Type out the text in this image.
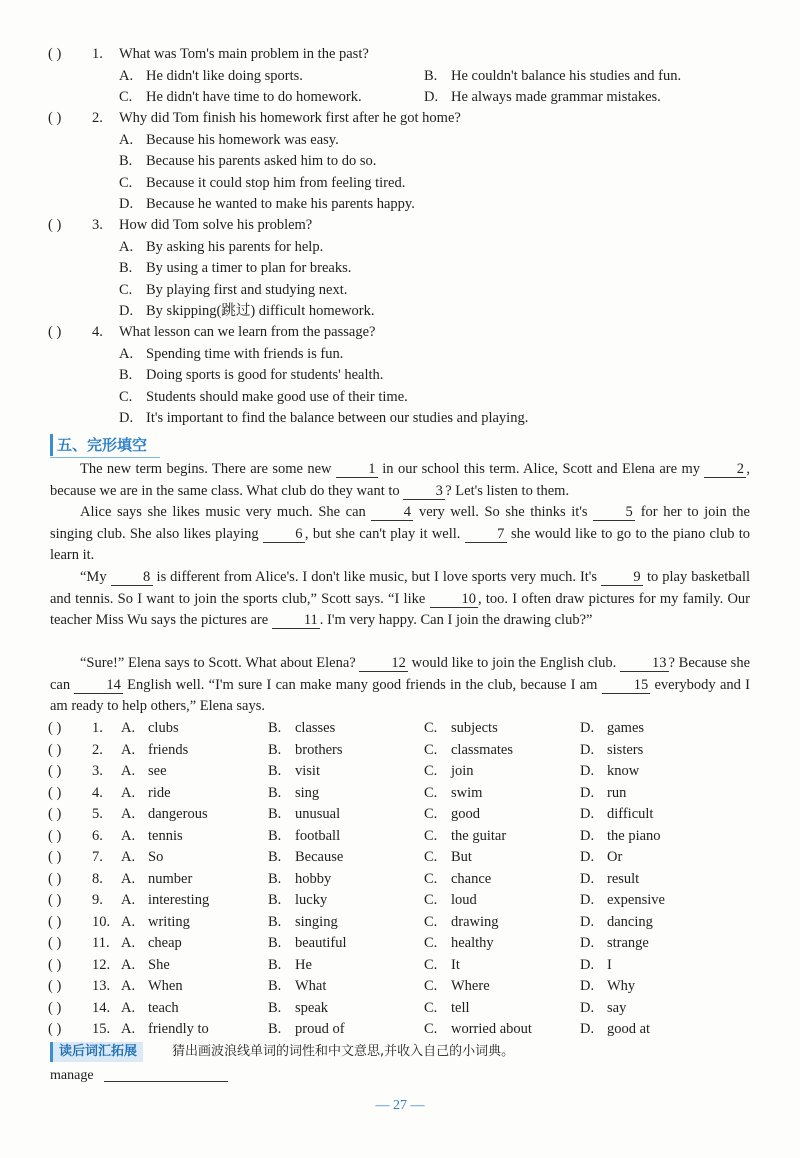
( ) 1. What was Tom's main problem in the past?
A. He didn't like doing sports.	B. He couldn't balance his studies and fun.
C. He didn't have time to do homework.	D. He always made grammar mistakes.
( ) 2. Why did Tom finish his homework first after he got home?
A. Because his homework was easy.
B. Because his parents asked him to do so.
C. Because it could stop him from feeling tired.
D. Because he wanted to make his parents happy.
( ) 3. How did Tom solve his problem?
A. By asking his parents for help.
B. By using a timer to plan for breaks.
C. By playing first and studying next.
D. By skipping(跳过) difficult homework.
( ) 4. What lesson can we learn from the passage?
A. Spending time with friends is fun.
B. Doing sports is good for students' health.
C. Students should make good use of their time.
D. It's important to find the balance between our studies and playing.
五、完形填空
The new term begins. There are some new 1 in our school this term. Alice, Scott and Elena are my 2 , because we are in the same class. What club do they want to 3 ? Let's listen to them.
Alice says she likes music very much. She can 4 very well. So she thinks it's 5 for her to join the singing club. She also likes playing 6 , but she can't play it well. 7 she would like to go to the piano club to learn it.
“My 8 is different from Alice's. I don't like music, but I love sports very much. It's 9 to play basketball and tennis. So I want to join the sports club,” Scott says. “I like 10 , too. I often draw pictures for my family. Our teacher Miss Wu says the pictures are 11 . I'm very happy. Can I join the drawing club?”
“Sure!” Elena says to Scott. What about Elena? 12 would like to join the English club. 13 ? Because she can 14 English well. “I'm sure I can make many good friends in the club, because I am 15 everybody and I am ready to help others,” Elena says.
( ) 1. A. clubs	B. classes	C. subjects	D. games
( ) 2. A. friends	B. brothers	C. classmates	D. sisters
( ) 3. A. see	B. visit	C. join	D. know
( ) 4. A. ride	B. sing	C. swim	D. run
( ) 5. A. dangerous	B. unusual	C. good	D. difficult
( ) 6. A. tennis	B. football	C. the guitar	D. the piano
( ) 7. A. So	B. Because	C. But	D. Or
( ) 8. A. number	B. hobby	C. chance	D. result
( ) 9. A. interesting	B. lucky	C. loud	D. expensive
( ) 10. A. writing	B. singing	C. drawing	D. dancing
( ) 11. A. cheap	B. beautiful	C. healthy	D. strange
( ) 12. A. She	B. He	C. It	D. I
( ) 13. A. When	B. What	C. Where	D. Why
( ) 14. A. teach	B. speak	C. tell	D. say
( ) 15. A. friendly to	B. proud of	C. worried about	D. good at
读后词汇拓展	猜出画波浪线单词的词性和中文意思,并收入自己的小词典。
manage
— 27 —
